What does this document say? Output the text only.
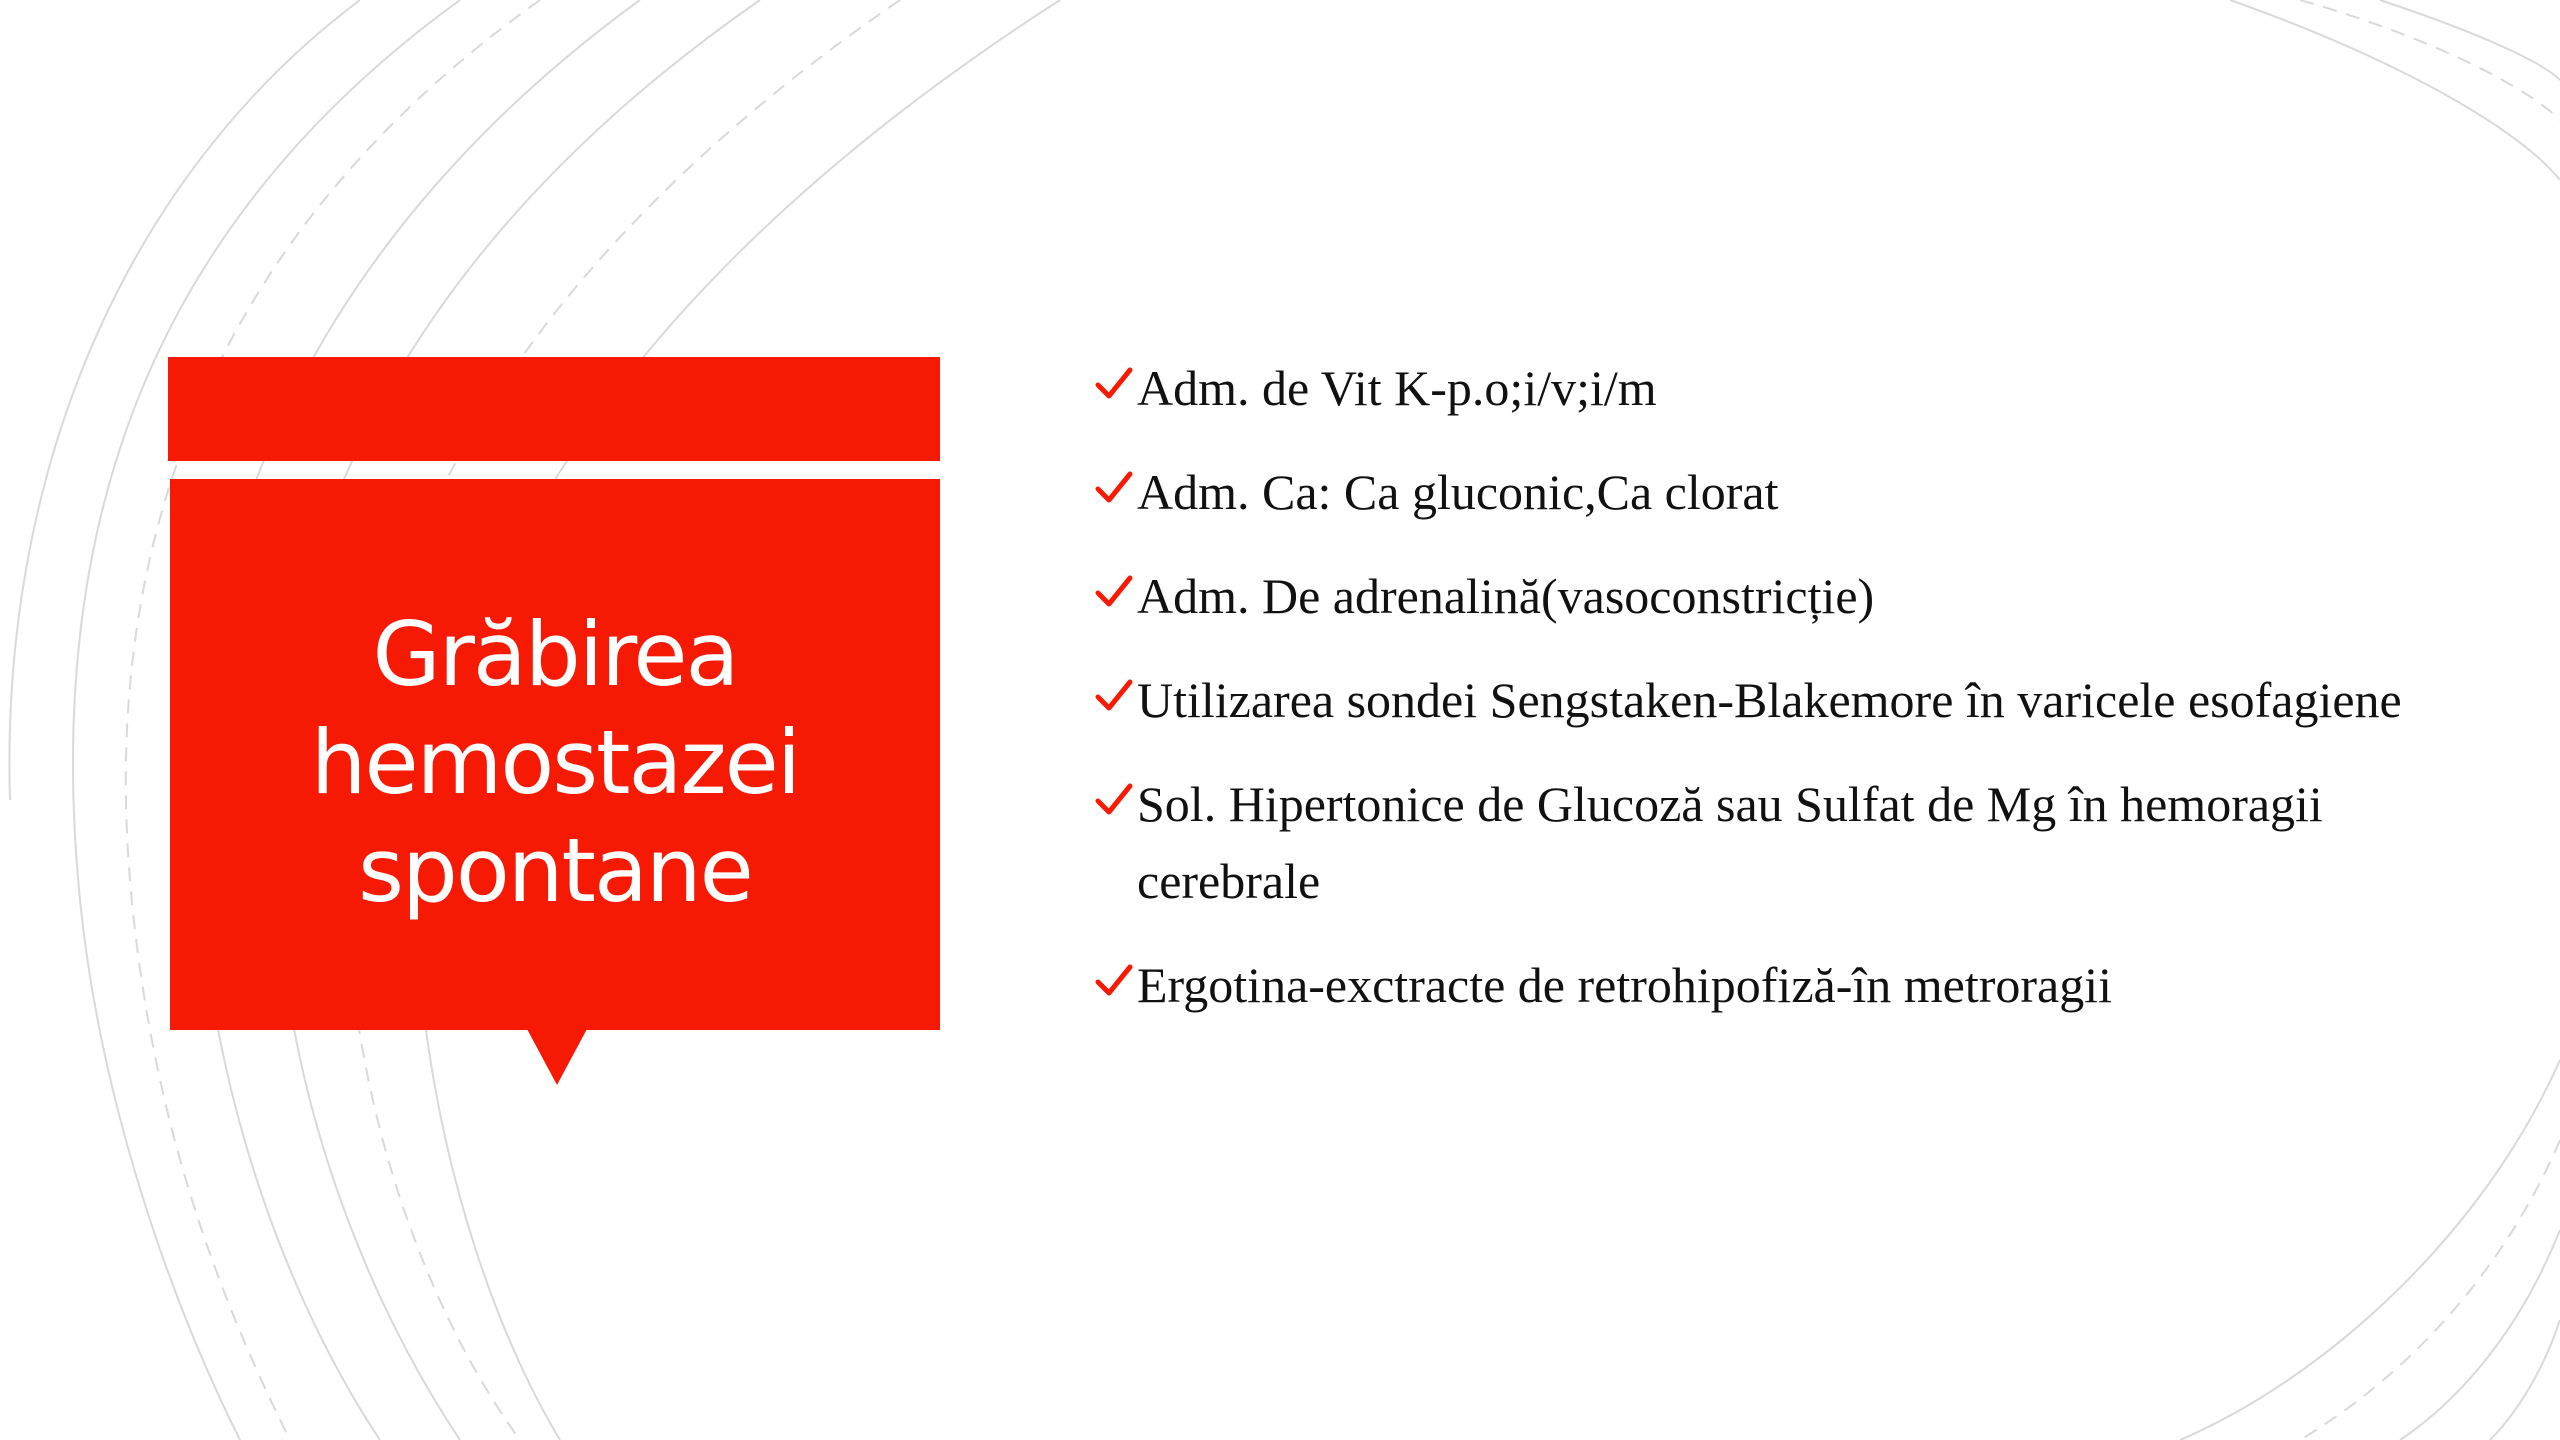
Grăbirea
hemostazei
spontane
Adm. de Vit K-p.o;i/v;i/m
Adm. Ca: Ca gluconic,Ca clorat
Adm. De adrenalină(vasoconstricție)
Utilizarea sondei Sengstaken-Blakemore în varicele esofagiene
Sol. Hipertonice de Glucoză sau Sulfat de Mg în hemoragii cerebrale
Ergotina-exctracte de retrohipofiză-în metroragii
